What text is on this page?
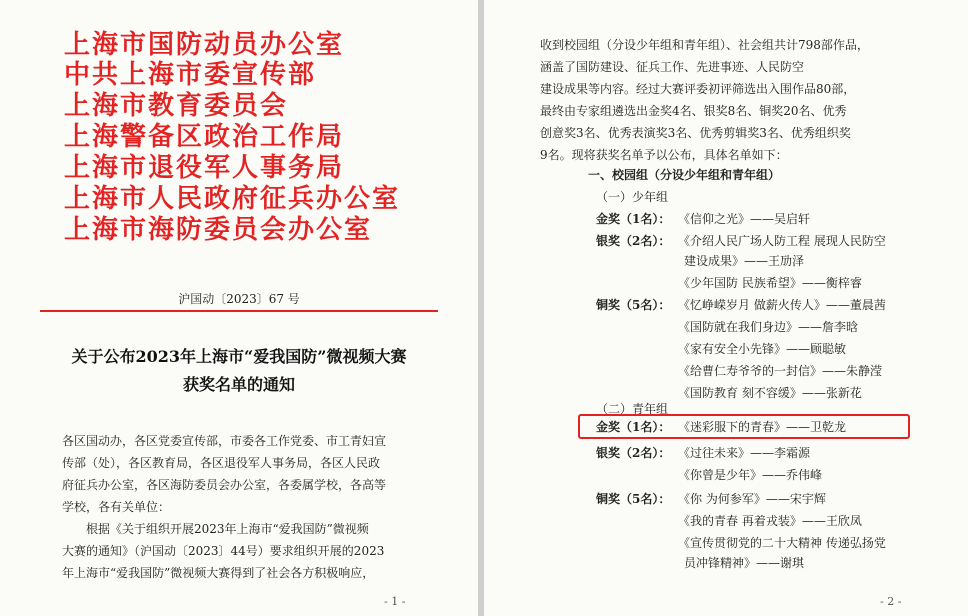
上海市国防动员办公室
中共上海市委宣传部
上海市教育委员会
上海警备区政治工作局
上海市退役军人事务局
上海市人民政府征兵办公室
上海市海防委员会办公室
沪国动〔2023〕67 号
关于公布2023年上海市“爱我国防”微视频大赛
获奖名单的通知
各区国动办，各区党委宣传部，市委各工作党委、市工青妇宣
传部（处），各区教育局，各区退役军人事务局，各区人民政
府征兵办公室，各区海防委员会办公室，各委属学校，各高等
学校，各有关单位：
　　根据《关于组织开展2023年上海市“爱我国防”微视频
大赛的通知》（沪国动〔2023〕44号）要求组织开展的2023
年上海市“爱我国防”微视频大赛得到了社会各方积极响应，
- 1 -
收到校园组（分设少年组和青年组）、社会组共计798部作品，
涵盖了国防建设、征兵工作、先进事迹、人民防空
建设成果等内容。经过大赛评委初评筛选出入围作品80部，
最终由专家组遴选出金奖4名、银奖8名、铜奖20名、优秀
创意奖3名、优秀表演奖3名、优秀剪辑奖3名、优秀组织奖
9名。现将获奖名单予以公布，具体名单如下：
一、校园组（分设少年组和青年组）
（一）少年组
金奖（1名）： 《信仰之光》——吴启轩
银奖（2名）： 《介绍人民广场人防工程 展现人民防空
建设成果》——王劢泽
《少年国防 民族希望》——衡梓睿
铜奖（5名）： 《忆峥嵘岁月 做薪火传人》——董晨茜
《国防就在我们身边》——詹李晗
《家有安全小先锋》——顾聪敏
《给曹仁寿爷爷的一封信》——朱静滢
《国防教育 刻不容缓》——张新花
（二）青年组
金奖（1名）： 《迷彩服下的青春》——卫乾龙
银奖（2名）： 《过往未来》——李霜源
《你曾是少年》——乔伟峰
铜奖（5名）： 《你 为何参军》——宋宇辉
《我的青春 再着戎装》——王欣凤
《宣传贯彻党的二十大精神 传递弘扬党
员冲锋精神》——谢琪
- 2 -
